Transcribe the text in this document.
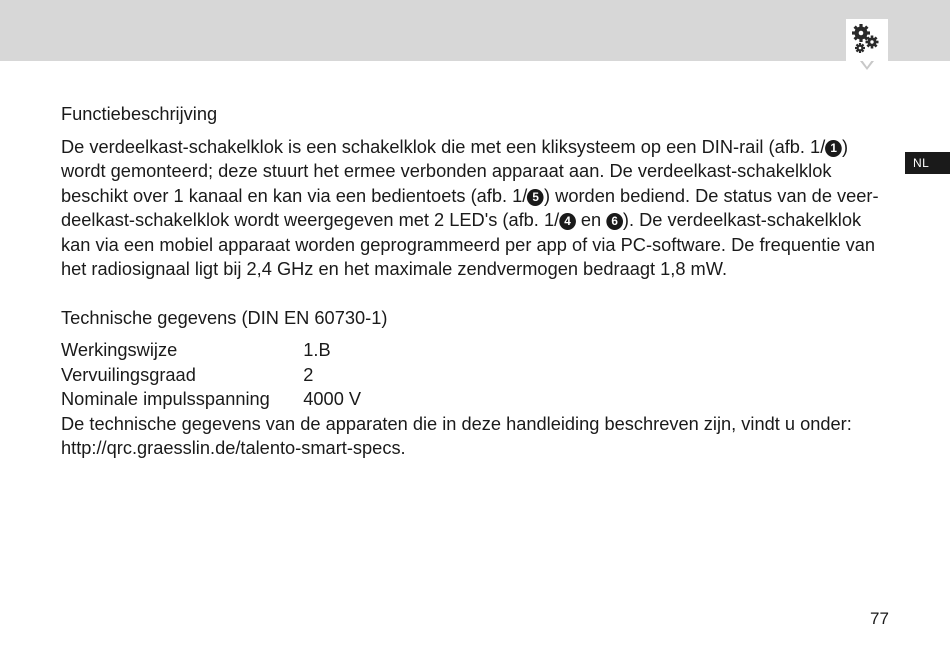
NL
Functiebeschrijving
De verdeelkast-schakelklok is een schakelklok die met een kliksysteem op een DIN-rail (afb. 1/ 1 )
wordt gemonteerd; deze stuurt het ermee verbonden apparaat aan. De verdeelkast-schakelklok
beschikt over 1 kanaal en kan via een bedientoets (afb. 1/ 5 ) worden bediend. De status van de veer-
deelkast-schakelklok wordt weergegeven met 2 LED's (afb. 1/ 4 en 6 ). De verdeelkast-schakelklok
kan via een mobiel apparaat worden geprogrammeerd per app of via PC-software. De frequentie van
het radiosignaal ligt bij 2,4 GHz en het maximale zendvermogen bedraagt 1,8 mW.
Technische gegevens (DIN EN 60730-1)
Werkingswijze	1.B
Vervuilingsgraad	2
Nominale impulsspanning	4000 V
De technische gegevens van de apparaten die in deze handleiding beschreven zijn, vindt u onder:
http://qrc.graesslin.de/talento-smart-specs.
77
